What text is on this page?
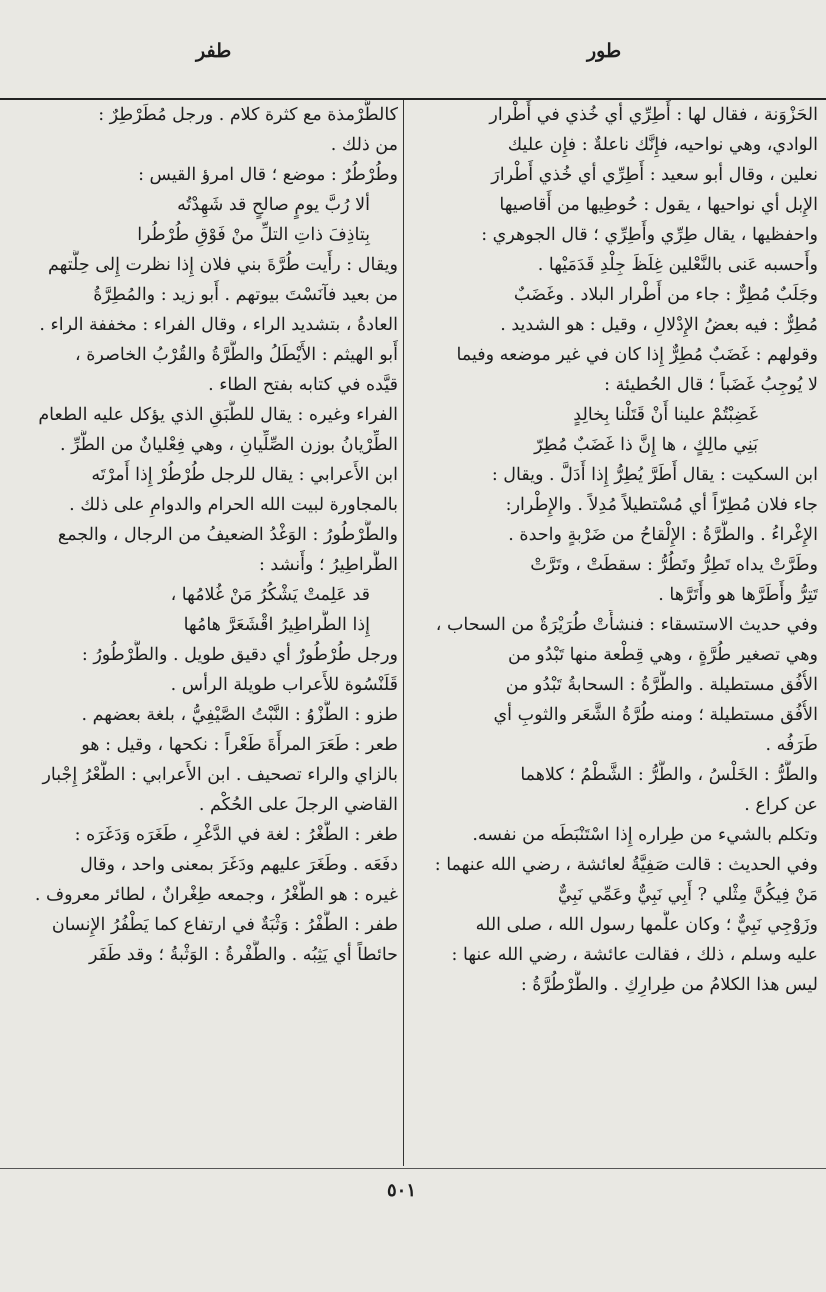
طور
طفر
الحَزْوَنة ، فقال لها : أَطِرِّي أي خُذي في أَطْرار
الوادي، وهي نواحيه، فإِنَّك ناعلةٌ : فإِن عليك
نعلين ، وقال أبو سعيد : أَطِرِّي أي خُذي أَطْرارَ
الإِبل أي نواحيها ، يقول : حُوطِيها من أَقاصيها
واحفظيها ، يقال طِرِّي وأَطِرِّي ؛ قال الجوهري :
وأَحسبه عَنى بالنَّعْلين غِلَظَ جِلْدِ قَدَمَيْها .
وجَلَبٌ مُطِرٌّ : جاء من أَطْرار البلاد . وغَضَبٌ
مُطِرٌّ : فيه بعضُ الإِدْلالِ ، وقيل : هو الشديد .
وقولهم : غَضَبٌ مُطِرٌّ إِذا كان في غير موضعه وفيما
لا يُوجِبُ غَضَباً ؛ قال الحُطيئة :
غَضِبْتُمْ علينا أَنْ قَتَلْنا بِخالِدٍ
بَنِي مالِكٍ ، ها إِنَّ ذا غَضَبٌ مُطِرّ
ابن السكيت : يقال أَطَرَّ يُطِرُّ إِذا أَدَلَّ . ويقال :
جاء فلان مُطِرّاً أي مُسْتطيلاً مُدِلاً . والإِطْرار:
الإِغْراءُ . والطَّرَّةُ : الإِلْقاحُ من ضَرْبةٍ واحدة .
وطَرَّتْ يداه تَطِرُّ وتَطُرُّ : سقطَتْ ، وتَرَّتْ
تَتِرُّ وأَطَرَّها هو وأَتَرَّها .
وفي حديث الاستسقاء : فنشأَتْ طُرَيْرَةٌ من السحاب ،
وهي تصغير طُرَّةٍ ، وهي قِطْعة منها تَبْدُو من
الأُفُق مستطيلة . والطُّرَّةُ : السحابةُ تَبْدُو من
الأُفُق مستطيلة ؛ ومنه طُرَّةُ الشَّعَر والثوبِ أي
طَرَفُه .
والطَّرُّ : الخَلْسُ ، والطَّرُّ : الشَّطْمُ ؛ كلاهما
عن كراع .
وتكلم بالشيء من طِراره إِذا اسْتَنْبَطَه من نفسه.
وفي الحديث : قالت صَفِيَّةُ لعائشة ، رضي الله عنهما :
مَنْ فِيكُنَّ مِثْلي ? أَبِي نَبِيٌّ وعَمِّي نَبِيٌّ
وزَوْجِي نَبِيٌّ ؛ وكان علَّمها رسول الله ، صلى الله
عليه وسلم ، ذلك ، فقالت عائشة ، رضي الله عنها :
ليس هذا الكلامُ من طِرارِكِ . والطُّرْطُرَّةُ :
كالطُّرْمذة مع كثرة كلام . ورجل مُطَرْطِرٌ :
من ذلك .
وطُرْطُرٌ : موضع ؛ قال امرؤ القيس :
ألا رُبَّ يومٍ صالحٍ قد شَهِدْتُه
بِتاذِفَ ذاتِ التلِّ منْ فَوْقِ طُرْطُرا
ويقال : رأَيت طُرَّةَ بني فلان إِذا نظرت إِلى حِلَّتهم
من بعيد فآنَسْتَ بيوتهم . أَبو زيد : والمُطِرَّةُ
العادةُ ، بتشديد الراء ، وقال الفراء : مخففة الراء .
أَبو الهيثم : الأَيْطَلُ والطُّرَّةُ والقُرْبُ الخاصرة ،
قيَّده في كتابه بفتح الطاء .
الفراء وغيره : يقال للطَّبَقِ الذي يؤكل عليه الطعام
الطِّرْيانُ بوزن الصِّلِّيانِ ، وهي فِعْليانٌ من الطَّرِّ .
ابن الأَعرابي : يقال للرجل طُرْطُرْ إِذا أَمرْتَه
بالمجاورة لبيت الله الحرام والدوامِ على ذلك .
والطُّرْطُورُ : الوَغْدُ الضعيفُ من الرجال ، والجمع
الطَّراطِيرُ ؛ وأَنشد :
قد عَلِمتْ يَشْكُرُ مَنْ غُلامُها ،
إِذا الطَّراطِيرُ اقْشَعَرَّ هامُها
ورجل طُرْطُورٌ أي دقيق طويل . والطُّرْطُورُ :
قَلَنْسُوة للأَعراب طويلة الرأس .
طزو : الطَّزْوُ : النَّبْتُ الصَّيْفِيُّ ، بلغة بعضهم .
طعر : طَعَرَ المرأَةَ طَعْراً : نكحها ، وقيل : هو
بالزاي والراء تصحيف . ابن الأَعرابي : الطَّعْرُ إِجْبار
القاضي الرجلَ على الحُكْم .
طغر : الطَّغْرُ : لغة في الدَّغْرِ ، طَغَرَه وَدَغَرَه :
دفَعَه . وطَغَرَ عليهم ودَغَرَ بمعنى واحد ، وقال
غيره : هو الطُّغْرُ ، وجمعه طِغْرانٌ ، لطائر معروف .
طفر : الطَّفْرُ : وَثْبَةٌ في ارتفاع كما يَطْفُرُ الإِنسان
حائطاً أي يَثِبُه . والطَّفْرةُ : الوَثْبةُ ؛ وقد طَفَر
٥٠١
